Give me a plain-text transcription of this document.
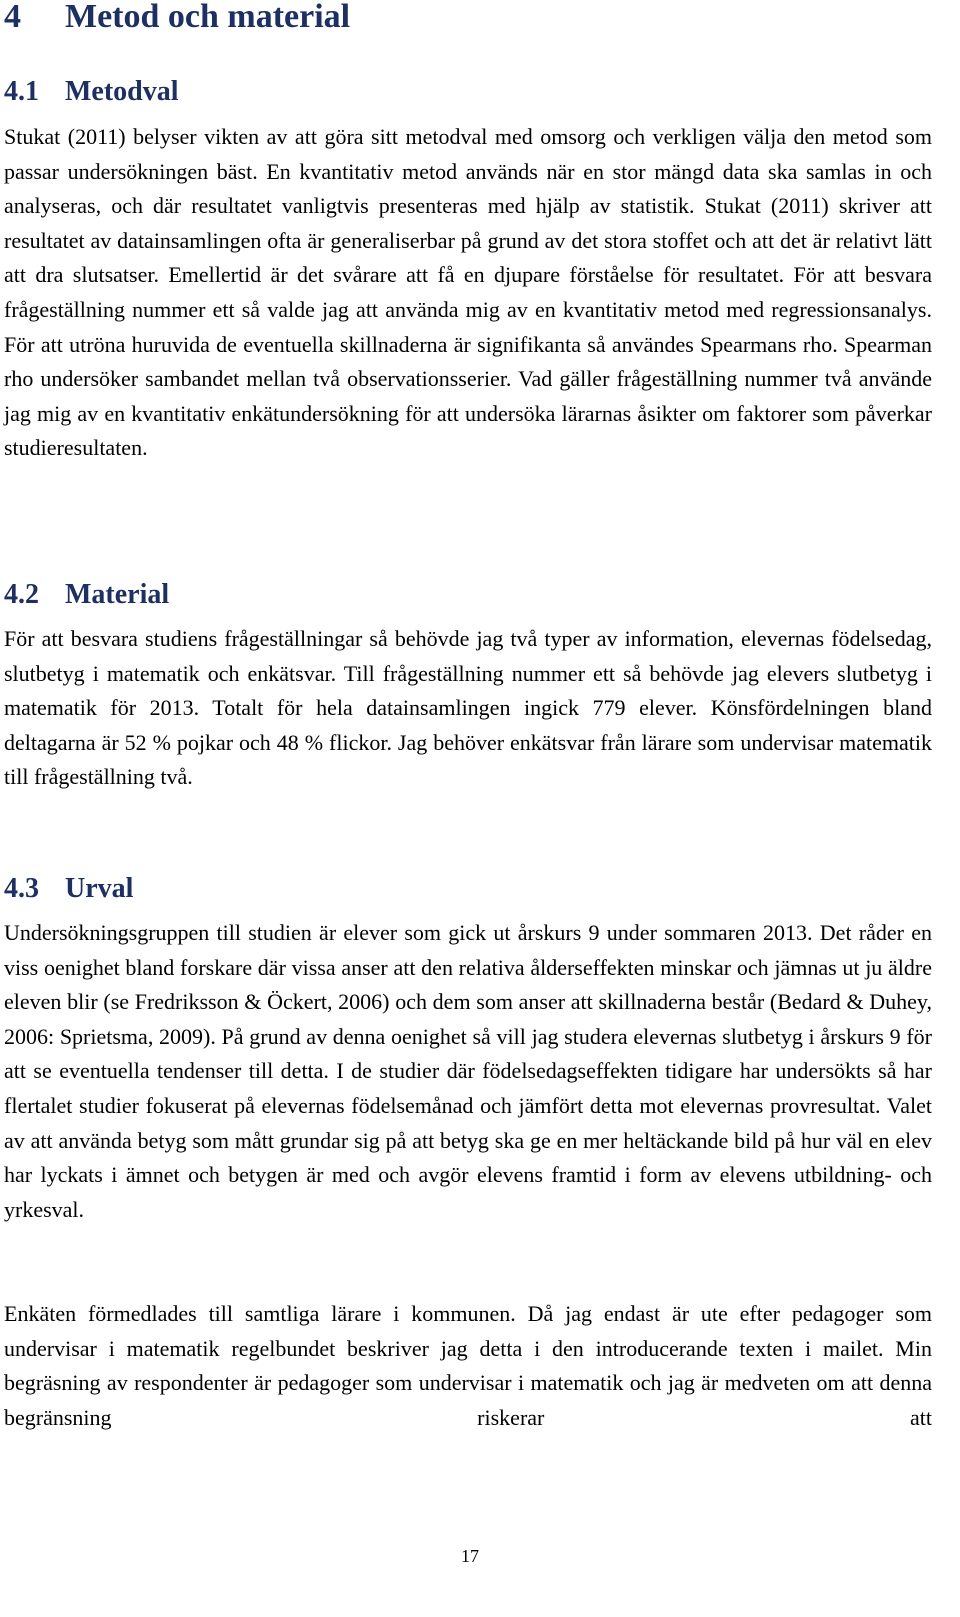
4	Metod och material
4.1 Metodval

Stukat (2011) belyser vikten av att göra sitt metodval med omsorg och verkligen välja den metod som passar undersökningen bäst. En kvantitativ metod används när en stor mängd data ska samlas in och analyseras, och där resultatet vanligtvis presenteras med hjälp av statistik. Stukat (2011) skriver att resultatet av datainsamlingen ofta är generaliserbar på grund av det stora stoffet och att det är relativt lätt att dra slutsatser. Emellertid är det svårare att få en djupare förståelse för resultatet. För att besvara frågeställning nummer ett så valde jag att använda mig av en kvantitativ metod med regressionsanalys. För att utröna huruvida de eventuella skillnaderna är signifikanta så användes Spearmans rho. Spearman rho undersöker sambandet mellan två observationsserier. Vad gäller frågeställning nummer två använde jag mig av en kvantitativ enkätundersökning för att undersöka lärarnas åsikter om faktorer som påverkar studieresultaten.

4.2 Material

För att besvara studiens frågeställningar så behövde jag två typer av information, elevernas födelsedag, slutbetyg i matematik och enkätsvar. Till frågeställning nummer ett så behövde jag elevers slutbetyg i matematik för 2013. Totalt för hela datainsamlingen ingick 779 elever. Könsfördelningen bland deltagarna är 52 % pojkar och 48 % flickor. Jag behöver enkätsvar från lärare som undervisar matematik till frågeställning två.

4.3 Urval

Undersökningsgruppen till studien är elever som gick ut årskurs 9 under sommaren 2013. Det råder en viss oenighet bland forskare där vissa anser att den relativa ålderseffekten minskar och jämnas ut ju äldre eleven blir (se Fredriksson & Öckert, 2006) och dem som anser att skillnaderna består (Bedard & Duhey, 2006: Sprietsma, 2009). På grund av denna oenighet så vill jag studera elevernas slutbetyg i årskurs 9 för att se eventuella tendenser till detta. I de studier där födelsedagseffekten tidigare har undersökts så har flertalet studier fokuserat på elevernas födelsemånad och jämfört detta mot elevernas provresultat. Valet av att använda betyg som mått grundar sig på att betyg ska ge en mer heltäckande bild på hur väl en elev har lyckats i ämnet och betygen är med och avgör elevens framtid i form av elevens utbildning- och yrkesval.

Enkäten förmedlades till samtliga lärare i kommunen. Då jag endast är ute efter pedagoger som undervisar i matematik regelbundet beskriver jag detta i den introducerande texten i mailet. Min begräsning av respondenter är pedagoger som undervisar i matematik och jag är medveten om att denna begränsning riskerar att

17
